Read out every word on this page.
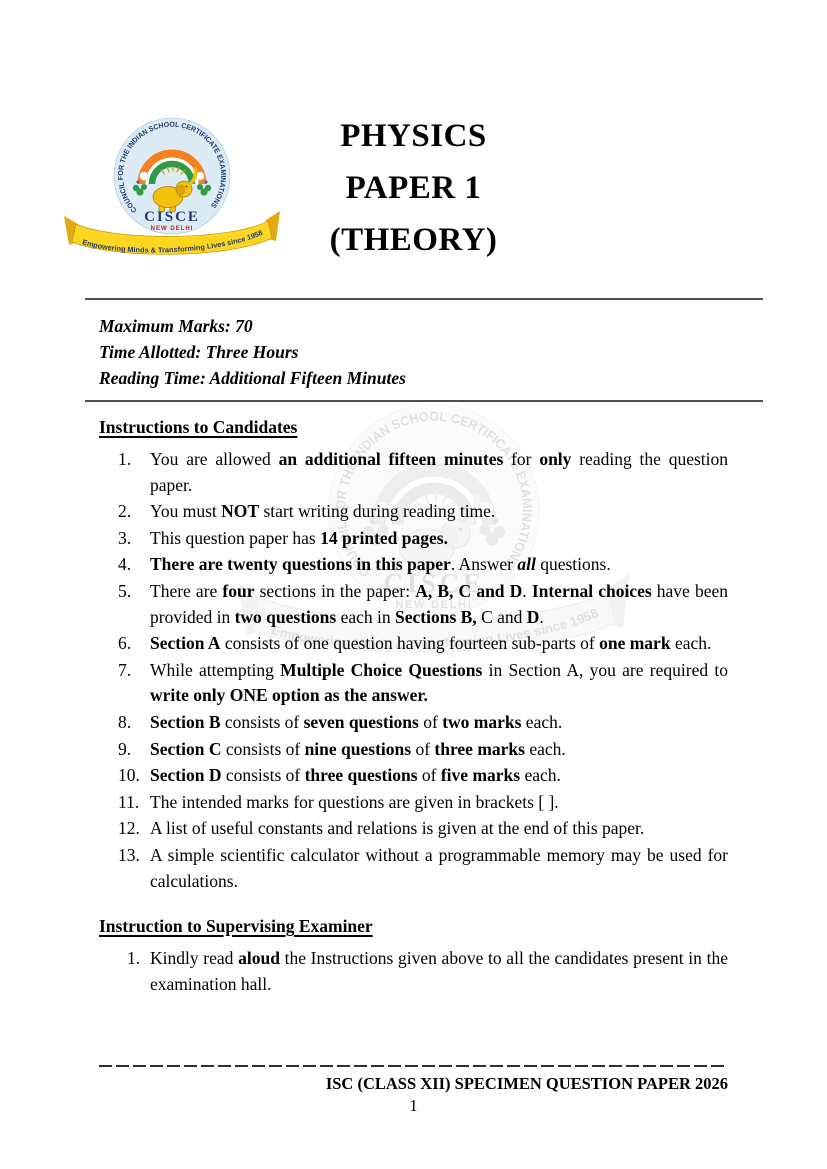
PHYSICS
PAPER 1
(THEORY)
Maximum Marks: 70
Time Allotted: Three Hours
Reading Time: Additional Fifteen Minutes
Instructions to Candidates
1.	You are allowed an additional fifteen minutes for only reading the question paper.
2.	You must NOT start writing during reading time.
3.	This question paper has 14 printed pages.
4.	There are twenty questions in this paper. Answer all questions.
5.	There are four sections in the paper: A, B, C and D. Internal choices have been provided in two questions each in Sections B, C and D.
6.	Section A consists of one question having fourteen sub-parts of one mark each.
7.	While attempting Multiple Choice Questions in Section A, you are required to write only ONE option as the answer.
8.	Section B consists of seven questions of two marks each.
9.	Section C consists of nine questions of three marks each.
10. Section D consists of three questions of five marks each.
11. The intended marks for questions are given in brackets [ ].
12. A list of useful constants and relations is given at the end of this paper.
13. A simple scientific calculator without a programmable memory may be used for calculations.
Instruction to Supervising Examiner
1. Kindly read aloud the Instructions given above to all the candidates present in the examination hall.
ISC (CLASS XII) SPECIMEN QUESTION PAPER 2026
1
